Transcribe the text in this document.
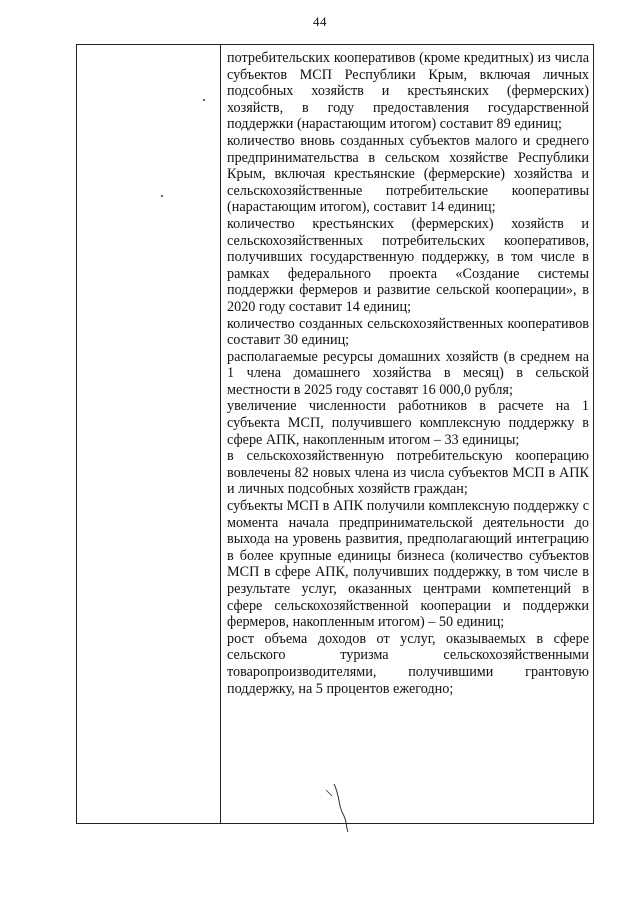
44

потребительских кооперативов (кроме кредитных) из числа субъектов МСП Республики Крым, включая личных подсобных хозяйств и крестьянских (фермерских) хозяйств, в году предоставления государственной поддержки (нарастающим итогом) составит 89 единиц;

количество вновь созданных субъектов малого и среднего предпринимательства в сельском хозяйстве Республики Крым, включая крестьянские (фермерские) хозяйства и сельскохозяйственные потребительские кооперативы (нарастающим итогом), составит 14 единиц;

количество крестьянских (фермерских) хозяйств и сельскохозяйственных потребительских кооперативов, получивших государственную поддержку, в том числе в рамках федерального проекта «Создание системы поддержки фермеров и развитие сельской кооперации», в 2020 году составит 14 единиц;

количество созданных сельскохозяйственных кооперативов составит 30 единиц;

располагаемые ресурсы домашних хозяйств (в среднем на 1 члена домашнего хозяйства в месяц) в сельской местности в 2025 году составят 16 000,0 рубля;

увеличение численности работников в расчете на 1 субъекта МСП, получившего комплексную поддержку в сфере АПК, накопленным итогом – 33 единицы;

в сельскохозяйственную потребительскую кооперацию вовлечены 82 новых члена из числа субъектов МСП в АПК и личных подсобных хозяйств граждан;

субъекты МСП в АПК получили комплексную поддержку с момента начала предпринимательской деятельности до выхода на уровень развития, предполагающий интеграцию в более крупные единицы бизнеса (количество субъектов МСП в сфере АПК, получивших поддержку, в том числе в результате услуг, оказанных центрами компетенций в сфере сельскохозяйственной кооперации и поддержки фермеров, накопленным итогом) – 50 единиц;

рост объема доходов от услуг, оказываемых в сфере сельского туризма сельскохозяйственными товаропроизводителями, получившими грантовую поддержку, на 5 процентов ежегодно;
